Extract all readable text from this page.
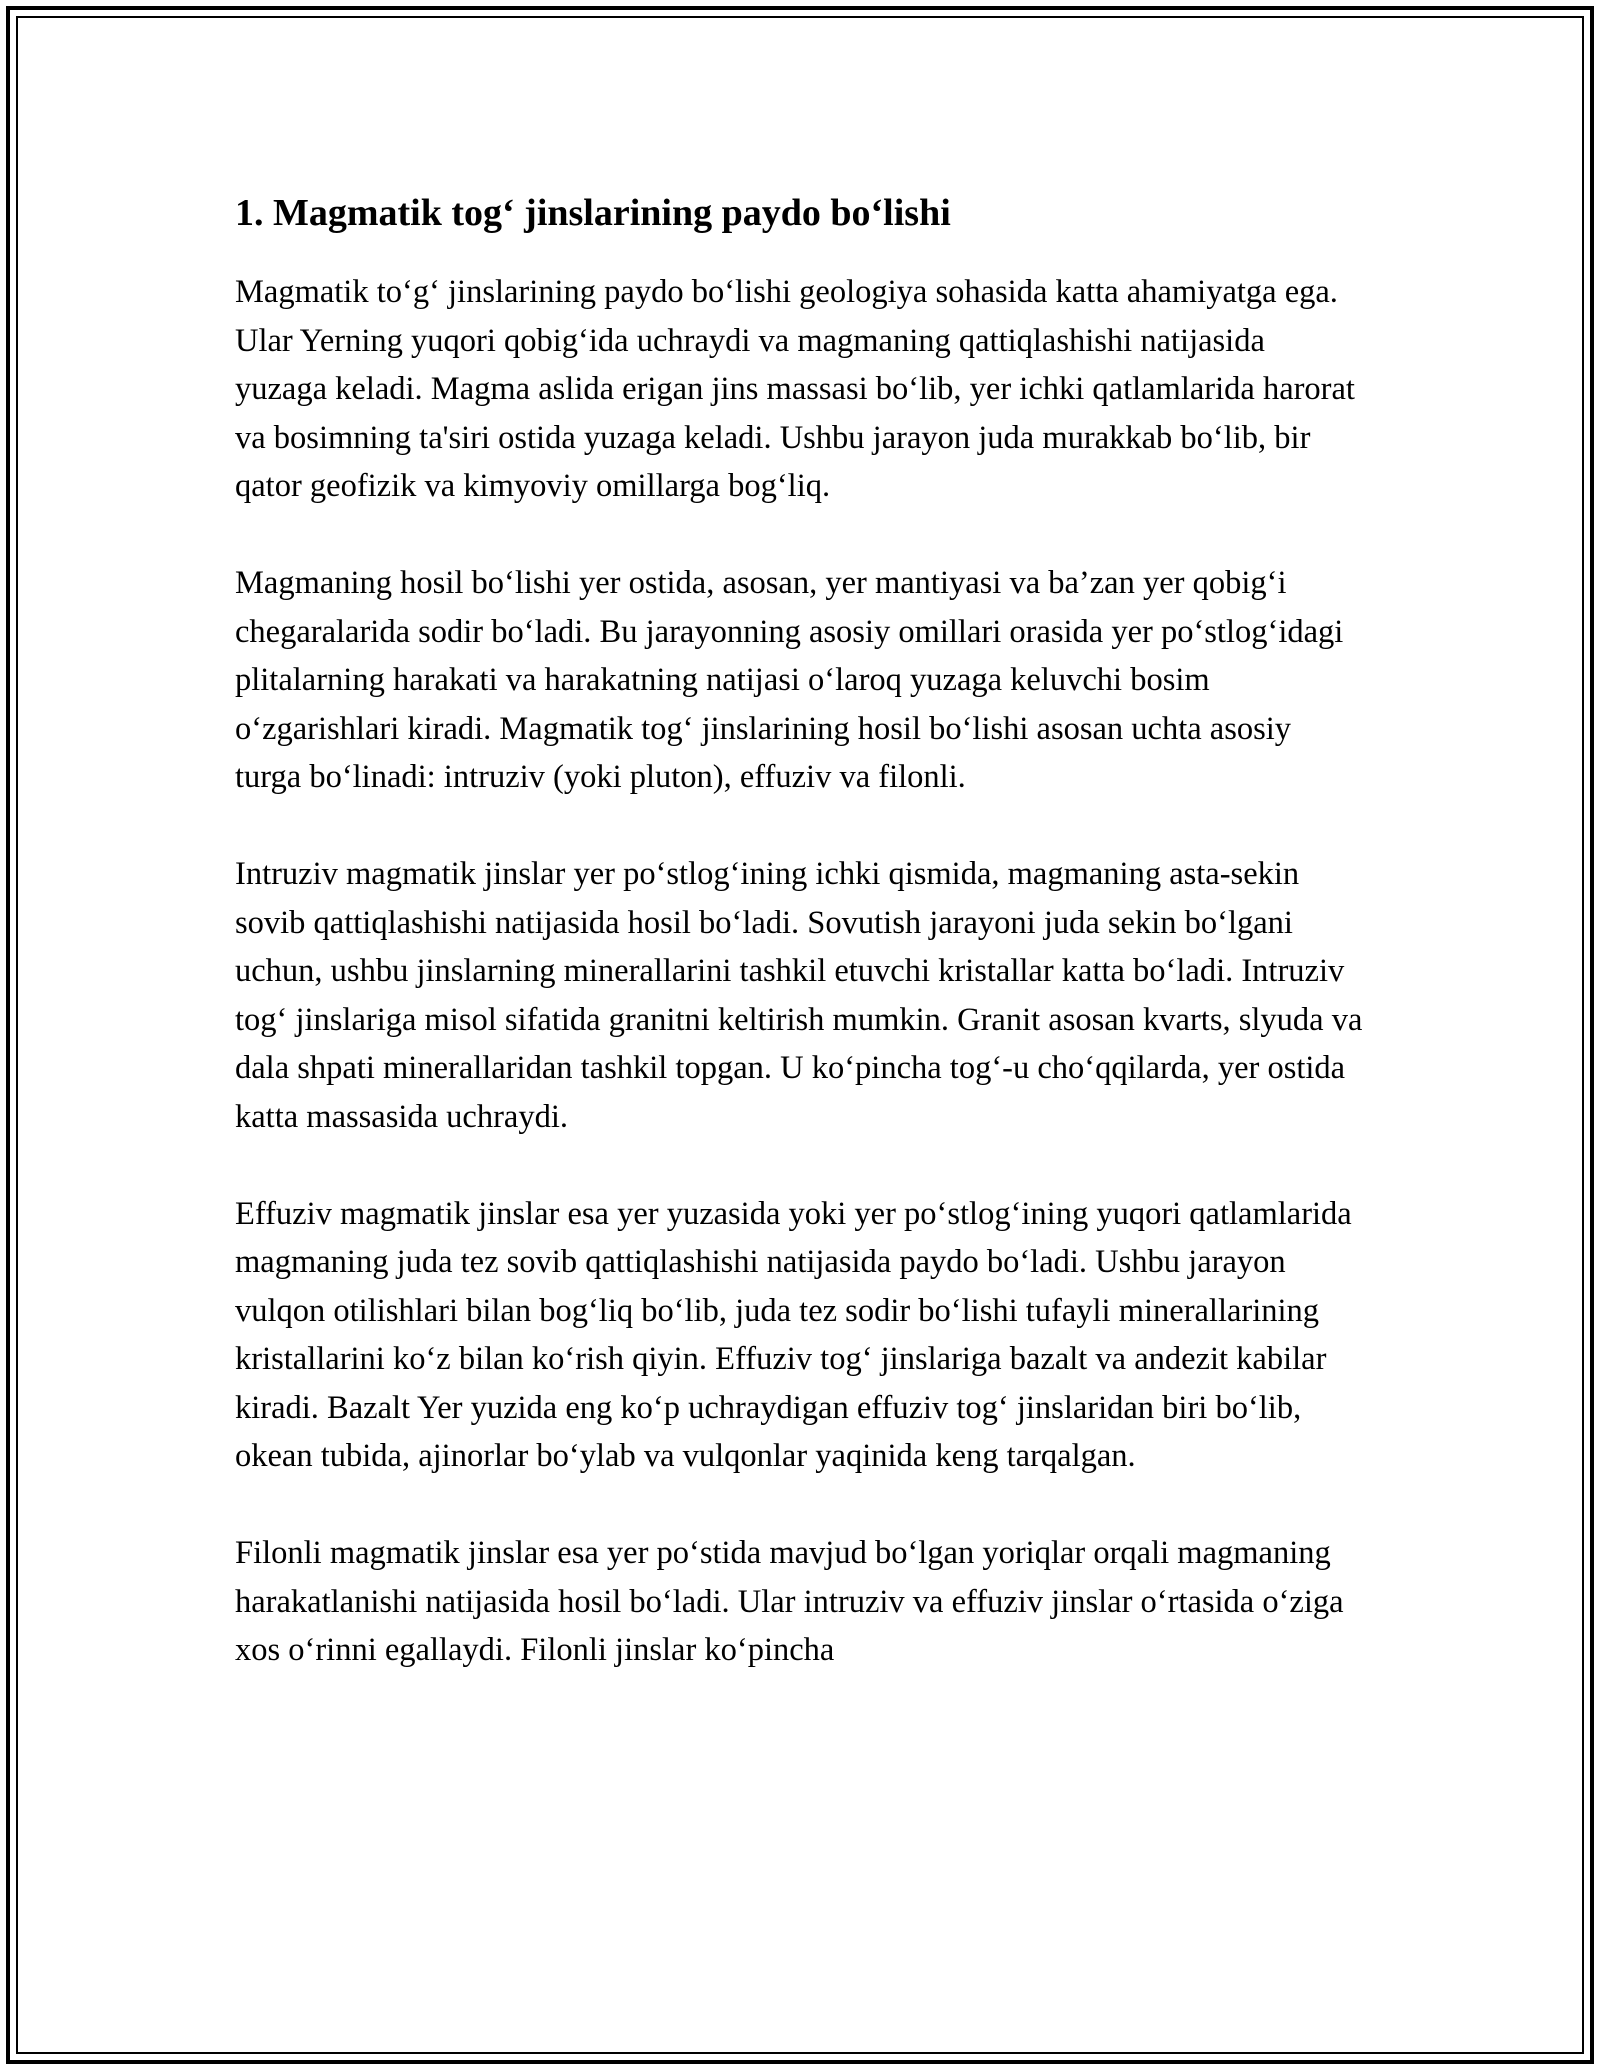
1. Magmatik tog‘ jinslarining paydo bo‘lishi

Magmatik to‘g‘ jinslarining paydo bo‘lishi geologiya sohasida katta ahamiyatga ega. Ular Yerning yuqori qobig‘ida uchraydi va magmaning qattiqlashishi natijasida yuzaga keladi. Magma aslida erigan jins massasi bo‘lib, yer ichki qatlamlarida harorat va bosimning ta'siri ostida yuzaga keladi. Ushbu jarayon juda murakkab bo‘lib, bir qator geofizik va kimyoviy omillarga bog‘liq.

Magmaning hosil bo‘lishi yer ostida, asosan, yer mantiyasi va ba’zan yer qobig‘i chegaralarida sodir bo‘ladi. Bu jarayonning asosiy omillari orasida yer po‘stlog‘idagi plitalarning harakati va harakatning natijasi o‘laroq yuzaga keluvchi bosim o‘zgarishlari kiradi. Magmatik tog‘ jinslarining hosil bo‘lishi asosan uchta asosiy turga bo‘linadi: intruziv (yoki pluton), effuziv va filonli.

Intruziv magmatik jinslar yer po‘stlog‘ining ichki qismida, magmaning asta-sekin sovib qattiqlashishi natijasida hosil bo‘ladi. Sovutish jarayoni juda sekin bo‘lgani uchun, ushbu jinslarning minerallarini tashkil etuvchi kristallar katta bo‘ladi. Intruziv tog‘ jinslariga misol sifatida granitni keltirish mumkin. Granit asosan kvarts, slyuda va dala shpati minerallaridan tashkil topgan. U ko‘pincha tog‘-u cho‘qqilarda, yer ostida katta massasida uchraydi.

Effuziv magmatik jinslar esa yer yuzasida yoki yer po‘stlog‘ining yuqori qatlamlarida magmaning juda tez sovib qattiqlashishi natijasida paydo bo‘ladi. Ushbu jarayon vulqon otilishlari bilan bog‘liq bo‘lib, juda tez sodir bo‘lishi tufayli minerallarining kristallarini ko‘z bilan ko‘rish qiyin. Effuziv tog‘ jinslariga bazalt va andezit kabilar kiradi. Bazalt Yer yuzida eng ko‘p uchraydigan effuziv tog‘ jinslaridan biri bo‘lib, okean tubida, ajinorlar bo‘ylab va vulqonlar yaqinida keng tarqalgan.

Filonli magmatik jinslar esa yer po‘stida mavjud bo‘lgan yoriqlar orqali magmaning harakatlanishi natijasida hosil bo‘ladi. Ular intruziv va effuziv jinslar o‘rtasida o‘ziga xos o‘rinni egallaydi. Filonli jinslar ko‘pincha
